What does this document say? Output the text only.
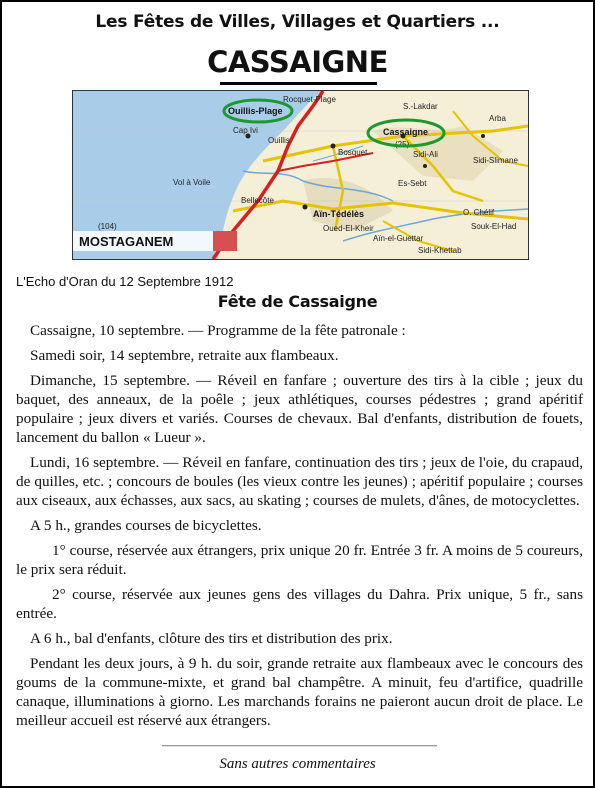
Les Fêtes de Villes, Villages et Quartiers ...
CASSAIGNE
Rocquet-Plage
Ouillis-Plage
Cap Ivi
Ouillis
Bosquet
Cassaigne
(25)
S.-Lakdar
Arba
Sidi-Slimane
Sidi-Ali
Es-Sebt
Vol à Voile
Bellecôte
Aïn-Tédélès
Oued-El-Kheir
Aïn-el-Guettar
Sidi-Khettab
Souk-El-Had
O. Chélif
MOSTAGANEM
(104)
L'Echo d'Oran du 12 Septembre 1912
Fête de Cassaigne

Cassaigne, 10 septembre. — Programme de la fête patronale :

Samedi soir, 14 septembre, retraite aux flambeaux.

Dimanche, 15 septembre. — Réveil en fanfare ; ouverture des tirs à la cible ; jeux du baquet, des anneaux, de la poêle ; jeux athlétiques, courses pédestres ; grand apéritif populaire ; jeux divers et variés. Courses de chevaux. Bal d'enfants, distribution de fouets, lancement du ballon « Lueur ».

Lundi, 16 septembre. — Réveil en fanfare, continuation des tirs ; jeux de l'oie, du crapaud, de quilles, etc. ; concours de boules (les vieux contre les jeunes) ; apéritif populaire ; courses aux ciseaux, aux échasses, aux sacs, au skating ; courses de mulets, d'ânes, de motocyclettes.

A 5 h., grandes courses de bicyclettes.

1° course, réservée aux étrangers, prix unique 20 fr. Entrée 3 fr. A moins de 5 coureurs, le prix sera réduit.

2° course, réservée aux jeunes gens des villages du Dahra. Prix unique, 5 fr., sans entrée.

A 6 h., bal d'enfants, clôture des tirs et distribution des prix.

Pendant les deux jours, à 9 h. du soir, grande retraite aux flambeaux avec le concours des goums de la commune-mixte, et grand bal champêtre. A minuit, feu d'artifice, quadrille canaque, illuminations à giorno. Les marchands forains ne paieront aucun droit de place. Le meilleur accueil est réservé aux étrangers.

Sans autres commentaires
